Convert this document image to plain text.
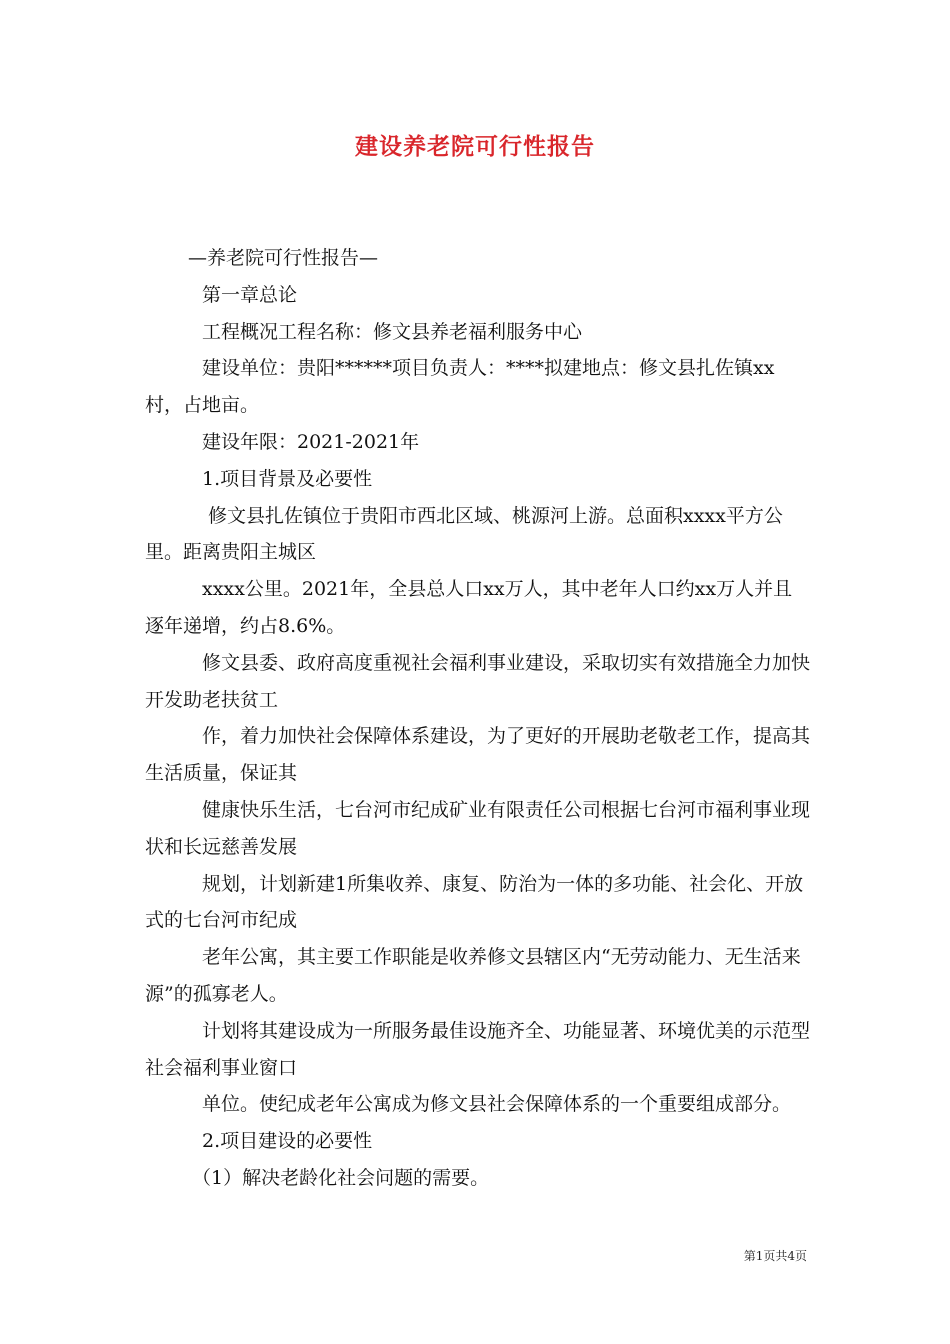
建设养老院可行性报告

—养老院可行性报告—

第一章总论

工程概况工程名称：修文县养老福利服务中心

建设单位：贵阳******项目负责人：****拟建地点：修文县扎佐镇xx村，占地亩。

建设年限：2021-2021年

1.项目背景及必要性

修文县扎佐镇位于贵阳市西北区域、桃源河上游。总面积xxxx平方公里。距离贵阳主城区

xxxx公里。2021年，全县总人口xx万人，其中老年人口约xx万人并且逐年递增，约占8.6%。

修文县委、政府高度重视社会福利事业建设，采取切实有效措施全力加快开发助老扶贫工

作，着力加快社会保障体系建设，为了更好的开展助老敬老工作，提高其生活质量，保证其

健康快乐生活，七台河市纪成矿业有限责任公司根据七台河市福利事业现状和长远慈善发展

规划，计划新建1所集收养、康复、防治为一体的多功能、社会化、开放式的七台河市纪成

老年公寓，其主要工作职能是收养修文县辖区内“无劳动能力、无生活来源”的孤寡老人。

计划将其建设成为一所服务最佳设施齐全、功能显著、环境优美的示范型社会福利事业窗口

单位。使纪成老年公寓成为修文县社会保障体系的一个重要组成部分。

2.项目建设的必要性

（1）解决老龄化社会问题的需要。

第1页共4页
